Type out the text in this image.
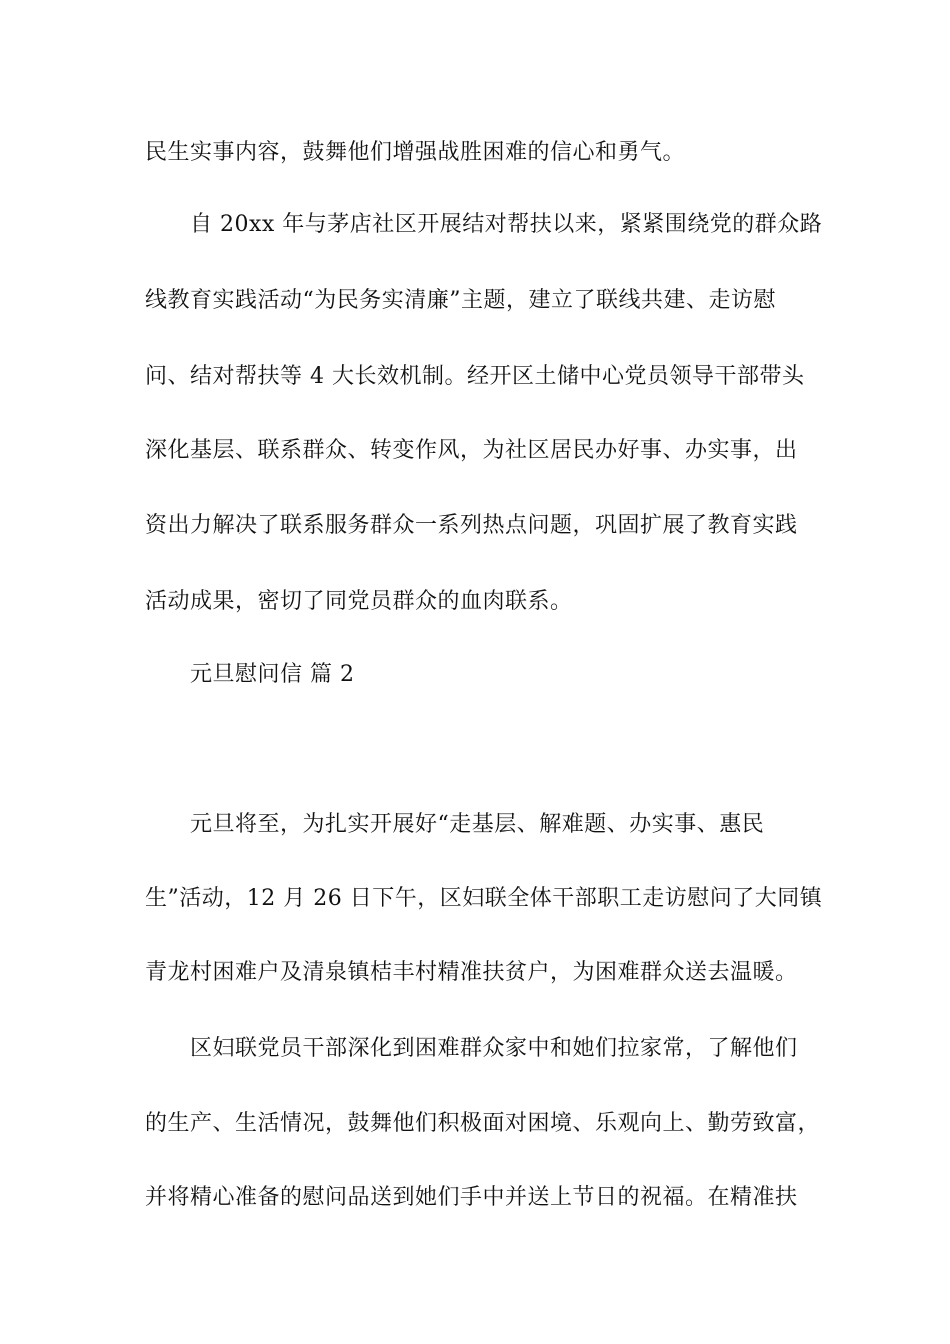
民生实事内容，鼓舞他们增强战胜困难的信心和勇气。
自 20xx 年与茅店社区开展结对帮扶以来，紧紧围绕党的群众路
线教育实践活动“为民务实清廉”主题，建立了联线共建、走访慰
问、结对帮扶等 4 大长效机制。经开区土储中心党员领导干部带头
深化基层、联系群众、转变作风，为社区居民办好事、办实事，出
资出力解决了联系服务群众一系列热点问题，巩固扩展了教育实践
活动成果，密切了同党员群众的血肉联系。
元旦慰问信 篇 2
元旦将至，为扎实开展好“走基层、解难题、办实事、惠民
生”活动，12 月 26 日下午，区妇联全体干部职工走访慰问了大同镇
青龙村困难户及清泉镇桔丰村精准扶贫户，为困难群众送去温暖。
区妇联党员干部深化到困难群众家中和她们拉家常，了解他们
的生产、生活情况，鼓舞他们积极面对困境、乐观向上、勤劳致富，
并将精心准备的慰问品送到她们手中并送上节日的祝福。在精准扶
